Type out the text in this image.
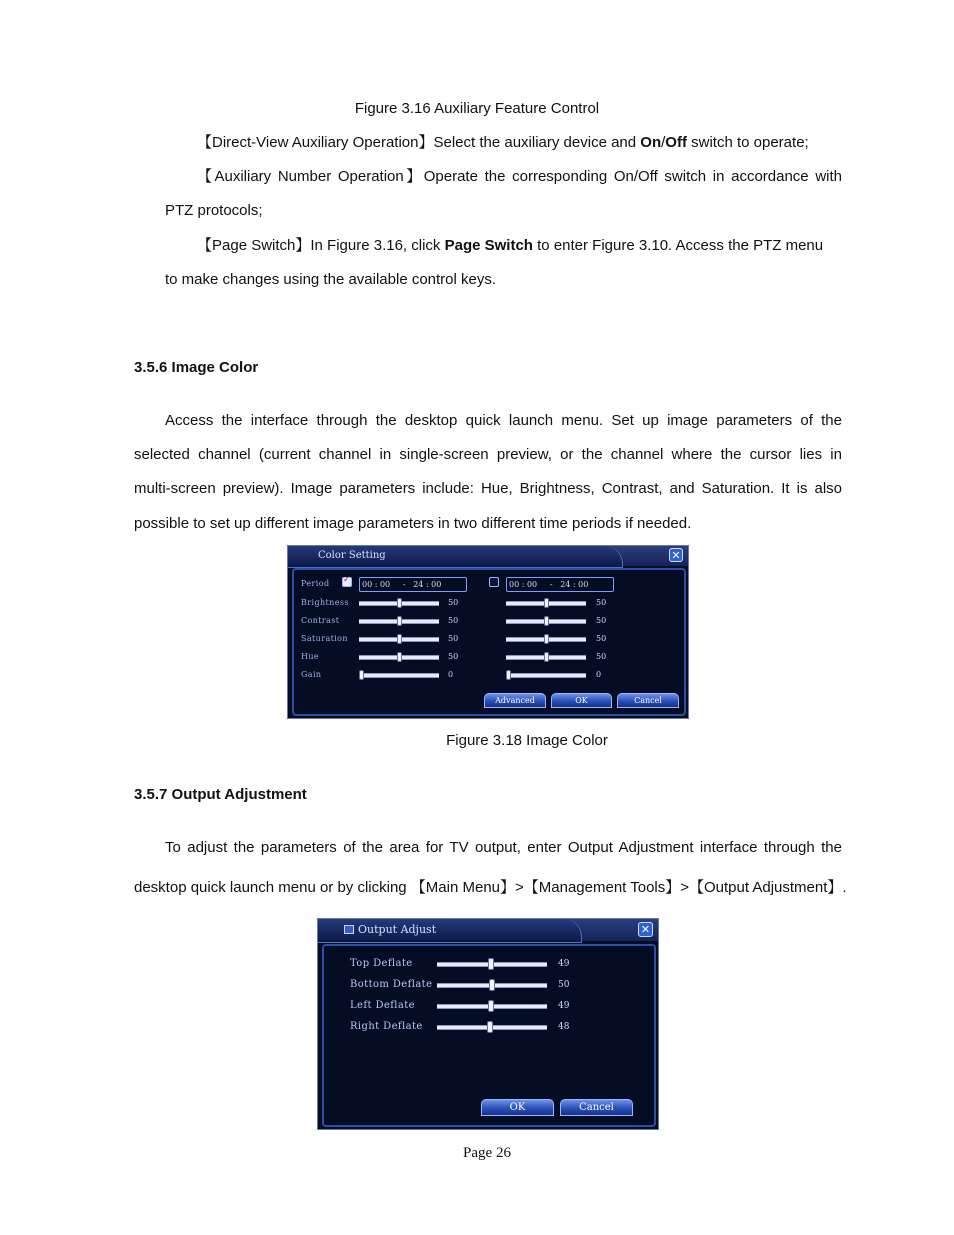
Figure 3.16 Auxiliary Feature Control
【Direct-View Auxiliary Operation】Select the auxiliary device and On/Off switch to operate;
【Auxiliary Number Operation】Operate the corresponding On/Off switch in accordance with
PTZ protocols;
【Page Switch】In Figure 3.16, click Page Switch to enter Figure 3.10. Access the PTZ menu
to make changes using the available control keys.
3.5.6 Image Color
Access the interface through the desktop quick launch menu. Set up image parameters of the
selected channel (current channel in single-screen preview, or the channel where the cursor lies in
multi-screen preview). Image parameters include: Hue, Brightness, Contrast, and Saturation. It is also
possible to set up different image parameters in two different time periods if needed.
Color Setting	✕
Period ✓	00 : 00     -   24 : 00	00 : 00     -   24 : 00
Brightness	50	50
Contrast	50	50
Saturation	50	50
Hue	50	50
Gain	0	0
Advanced	OK	Cancel
Figure 3.18 Image Color
3.5.7 Output Adjustment
To adjust the parameters of the area for TV output, enter Output Adjustment interface through the
desktop quick launch menu or by clicking 【Main Menu】>【Management Tools】>【Output Adjustment】.
Output Adjust	✕
Top Deflate	49
Bottom Deflate	50
Left Deflate	49
Right Deflate	48
OK	Cancel
Page 26
